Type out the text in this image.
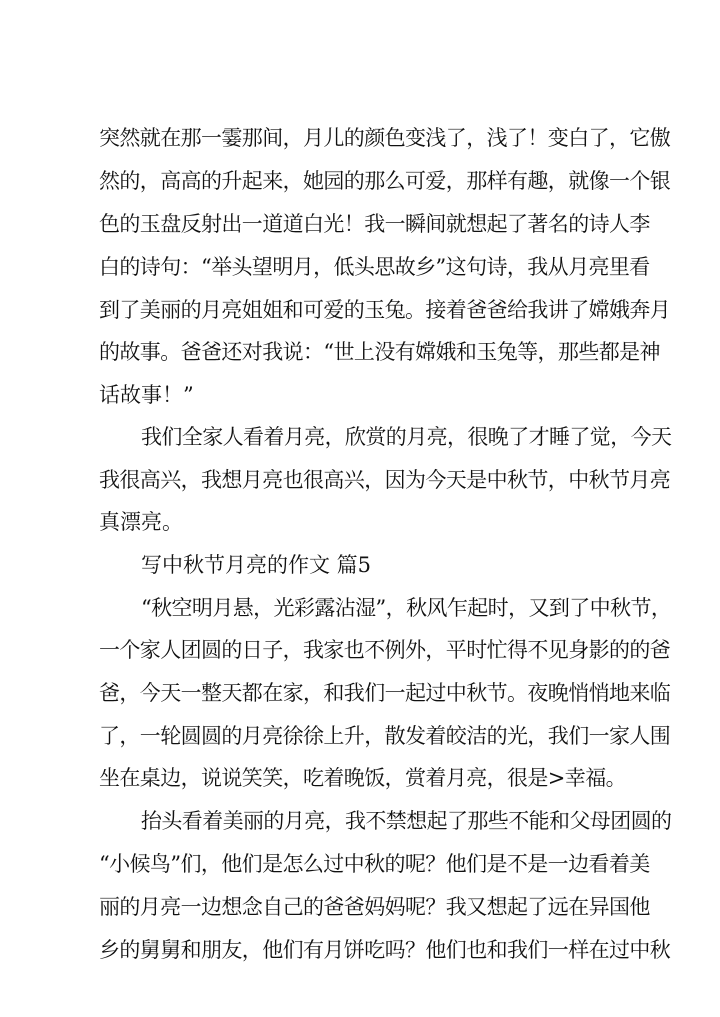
突然就在那一霎那间，月儿的颜色变浅了，浅了！变白了，它傲
然的，高高的升起来，她园的那么可爱，那样有趣，就像一个银
色的玉盘反射出一道道白光！我一瞬间就想起了著名的诗人李
白的诗句：“举头望明月，低头思故乡”这句诗，我从月亮里看
到了美丽的月亮姐姐和可爱的玉兔。接着爸爸给我讲了嫦娥奔月
的故事。爸爸还对我说：“世上没有嫦娥和玉兔等，那些都是神
话故事！”
我们全家人看着月亮，欣赏的月亮，很晚了才睡了觉，今天
我很高兴，我想月亮也很高兴，因为今天是中秋节，中秋节月亮
真漂亮。
写中秋节月亮的作文 篇5
“秋空明月悬，光彩露沾湿”，秋风乍起时，又到了中秋节，
一个家人团圆的日子，我家也不例外，平时忙得不见身影的的爸
爸，今天一整天都在家，和我们一起过中秋节。夜晚悄悄地来临
了，一轮圆圆的月亮徐徐上升，散发着皎洁的光，我们一家人围
坐在桌边，说说笑笑，吃着晚饭，赏着月亮，很是>幸福。
抬头看着美丽的月亮，我不禁想起了那些不能和父母团圆的
“小候鸟”们，他们是怎么过中秋的呢？他们是不是一边看着美
丽的月亮一边想念自己的爸爸妈妈呢？我又想起了远在异国他
乡的舅舅和朋友，他们有月饼吃吗？他们也和我们一样在过中秋
